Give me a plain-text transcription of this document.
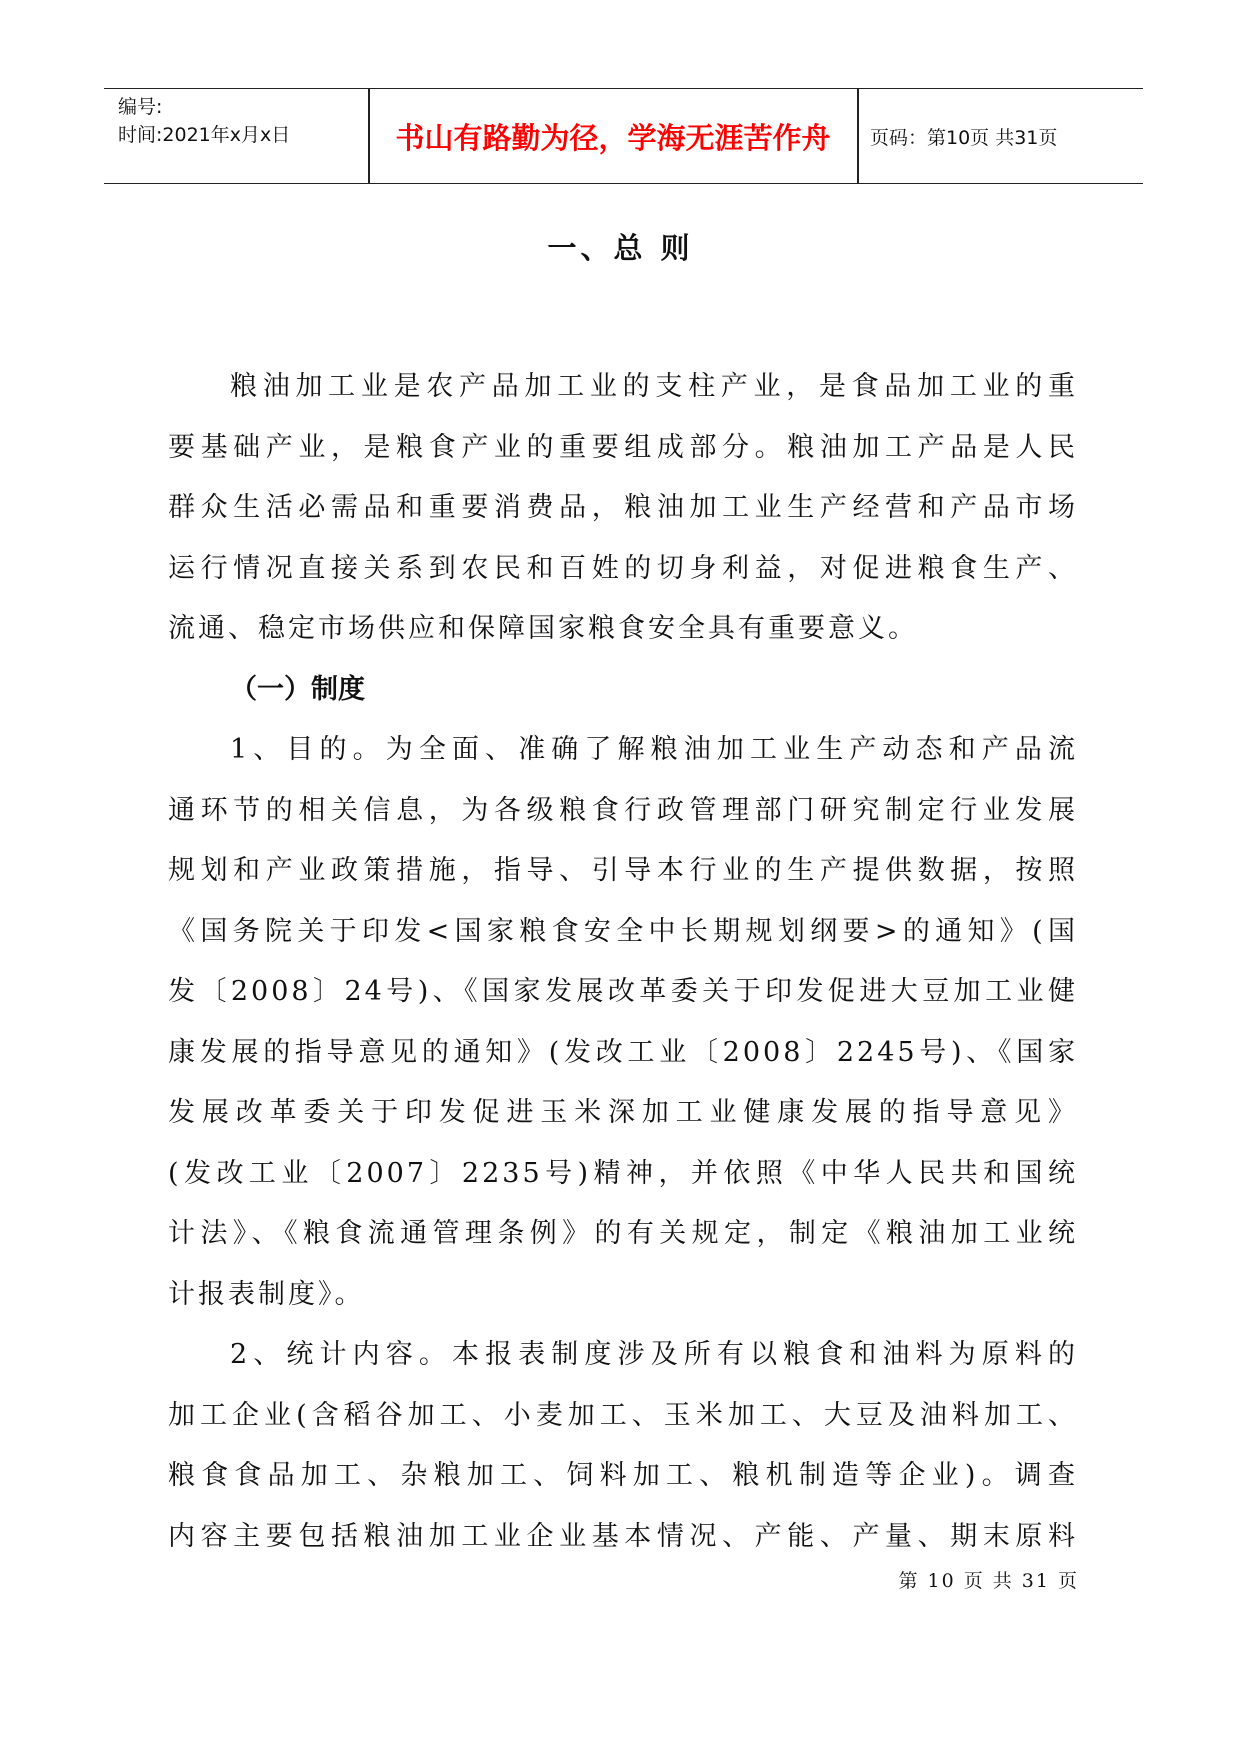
编号:
时间:2021年x月x日	书山有路勤为径，学海无涯苦作舟	页码：第10页 共31页
一、总 则
粮油加工业是农产品加工业的支柱产业，是食品加工业的重
要基础产业，是粮食产业的重要组成部分。粮油加工产品是人民
群众生活必需品和重要消费品，粮油加工业生产经营和产品市场
运行情况直接关系到农民和百姓的切身利益，对促进粮食生产、
流通、稳定市场供应和保障国家粮食安全具有重要意义。
（一）制度
1、目的。为全面、准确了解粮油加工业生产动态和产品流
通环节的相关信息，为各级粮食行政管理部门研究制定行业发展
规划和产业政策措施，指导、引导本行业的生产提供数据，按照
《国务院关于印发<国家粮食安全中长期规划纲要>的通知》(国
发〔2008〕24号)、《国家发展改革委关于印发促进大豆加工业健
康发展的指导意见的通知》(发改工业〔2008〕2245号)、《国家
发展改革委关于印发促进玉米深加工业健康发展的指导意见》
(发改工业〔2007〕2235号)精神，并依照《中华人民共和国统
计法》、《粮食流通管理条例》的有关规定，制定《粮油加工业统
计报表制度》。
2、统计内容。本报表制度涉及所有以粮食和油料为原料的
加工企业(含稻谷加工、小麦加工、玉米加工、大豆及油料加工、
粮食食品加工、杂粮加工、饲料加工、粮机制造等企业)。调查
内容主要包括粮油加工业企业基本情况、产能、产量、期末原料
第 10 页 共 31 页
